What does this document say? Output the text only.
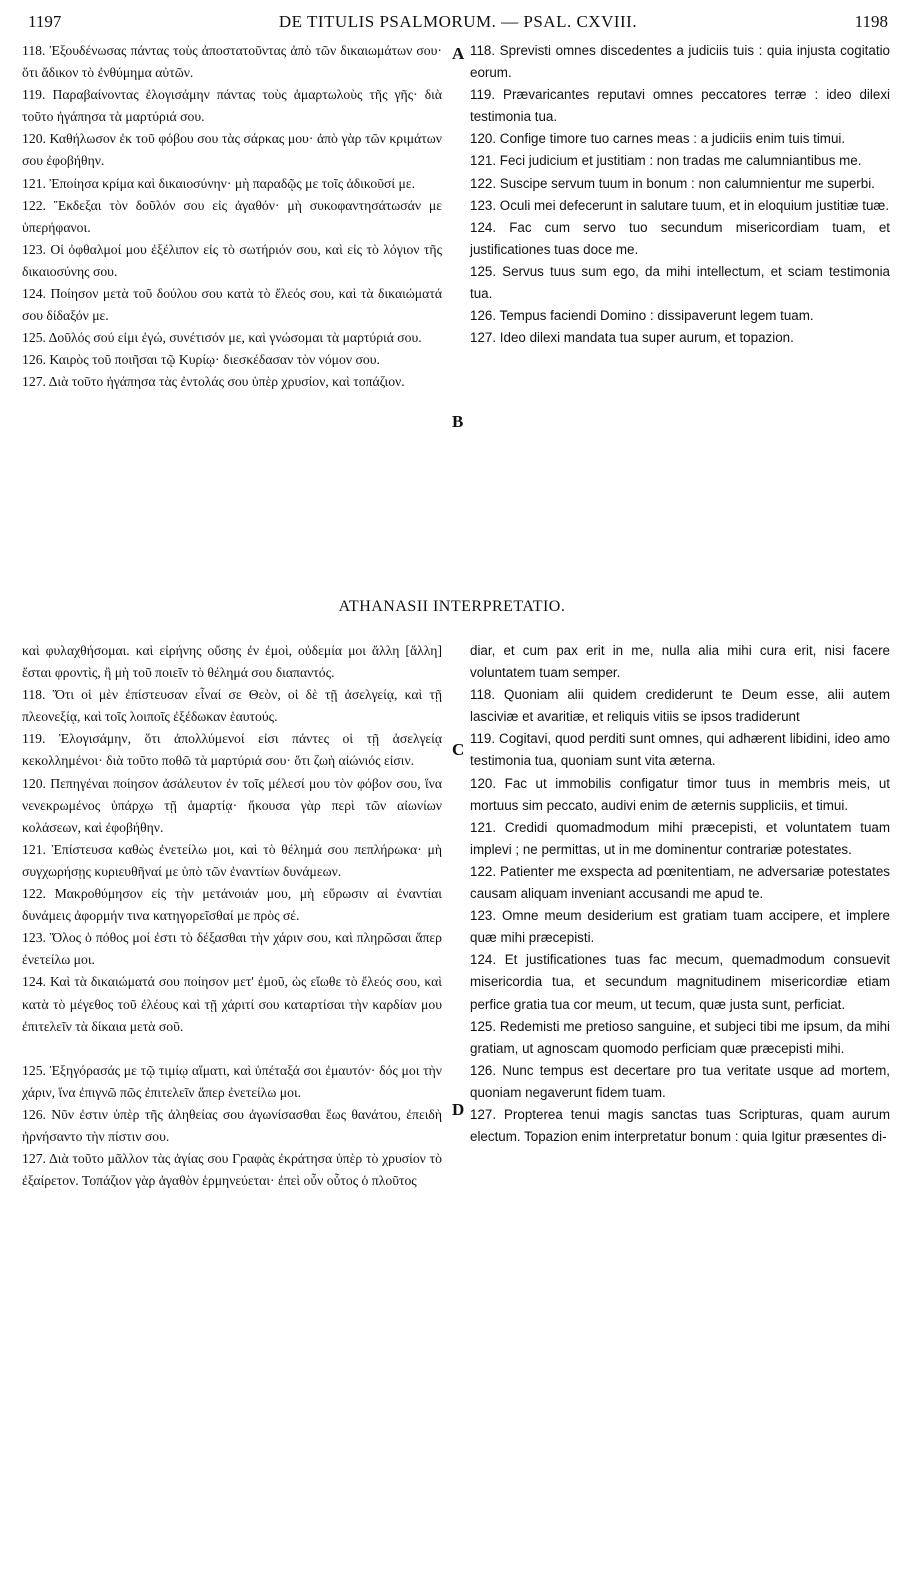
1197	DE TITULIS PSALMORUM. — PSAL. CXVIII.	1198

118. Ἐξουδένωσας πάντας τοὺς ἀποστατοῦντας ἀπὸ τῶν δικαιωμάτων σου· ὅτι ἄδικον τὸ ἐνθύμημα αὐτῶν.

119. Παραβαίνοντας ἐλογισάμην πάντας τοὺς ἁμαρτωλοὺς τῆς γῆς· διὰ τοῦτο ἠγάπησα τὰ μαρτύριά σου.

120. Καθήλωσον ἐκ τοῦ φόβου σου τὰς σάρκας μου· ἀπὸ γὰρ τῶν κριμάτων σου ἐφοβήθην.

121. Ἐποίησα κρίμα καὶ δικαιοσύνην· μὴ παραδῷς με τοῖς ἀδικοῦσί με.

122. Ἔκδεξαι τὸν δοῦλόν σου εἰς ἀγαθόν· μὴ συκοφαντησάτωσάν με ὑπερήφανοι.

123. Οἱ ὀφθαλμοί μου ἐξέλιπον εἰς τὸ σωτήριόν σου, καὶ εἰς τὸ λόγιον τῆς δικαιοσύνης σου.

124. Ποίησον μετὰ τοῦ δούλου σου κατὰ τὸ ἔλεός σου, καὶ τὰ δικαιώματά σου δίδαξόν με.

125. Δοῦλός σού εἰμι ἐγώ, συνέτισόν με, καὶ γνώσομαι τὰ μαρτύριά σου.

126. Καιρὸς τοῦ ποιῆσαι τῷ Κυρίῳ· διεσκέδασαν τὸν νόμον σου.

127. Διὰ τοῦτο ἠγάπησα τὰς ἐντολάς σου ὑπὲρ χρυσίον, καὶ τοπάζιον.

118. Sprevisti omnes discedentes a judiciis tuis : quia injusta cogitatio eorum.

119. Prævaricantes reputavi omnes peccatores terræ : ideo dilexi testimonia tua.

120. Confige timore tuo carnes meas : a judiciis enim tuis timui.

121. Feci judicium et justitiam : non tradas me calumniantibus me.

122. Suscipe servum tuum in bonum : non calumnientur me superbi.

123. Oculi mei defecerunt in salutare tuum, et in eloquium justitiæ tuæ.

124. Fac cum servo tuo secundum misericordiam tuam, et justificationes tuas doce me.

125. Servus tuus sum ego, da mihi intellectum, et sciam testimonia tua.

126. Tempus faciendi Domino : dissipaverunt legem tuam.

127. Ideo dilexi mandata tua super aurum, et topazion.

A
B
C
D
ATHANASII INTERPRETATIO.

καὶ φυλαχθήσομαι. καὶ εἰρήνης οὔσης ἐν ἐμοὶ, οὐδεμία μοι ἄλλη [ἄλλη] ἔσται φροντὶς, ἢ μὴ τοῦ ποιεῖν τὸ θέλημά σου διαπαντός.

118. Ὅτι οἱ μὲν ἐπίστευσαν εἶναί σε Θεὸν, οἱ δὲ τῇ ἀσελγείᾳ, καὶ τῇ πλεονεξίᾳ, καὶ τοῖς λοιποῖς ἐξέδωκαν ἑαυτούς.

119. Ἐλογισάμην, ὅτι ἀπολλύμενοί εἰσι πάντες οἱ τῇ ἀσελγείᾳ κεκολλημένοι· διὰ τοῦτο ποθῶ τὰ μαρτύριά σου· ὅτι ζωὴ αἰώνιός εἰσιν.

120. Πεπηγέναι ποίησον ἀσάλευτον ἐν τοῖς μέλεσί μου τὸν φόβον σου, ἵνα νενεκρωμένος ὑπάρχω τῇ ἁμαρτίᾳ· ἤκουσα γὰρ περὶ τῶν αἰωνίων κολάσεων, καὶ ἐφοβήθην.

121. Ἐπίστευσα καθὼς ἐνετείλω μοι, καὶ τὸ θέλημά σου πεπλήρωκα· μὴ συγχωρήσῃς κυριευθῆναί με ὑπὸ τῶν ἐναντίων δυνάμεων.

122. Μακροθύμησον εἰς τὴν μετάνοιάν μου, μὴ εὕρωσιν αἱ ἐναντίαι δυνάμεις ἀφορμήν τινα κατηγορεῖσθαί με πρὸς σέ.

123. Ὅλος ὁ πόθος μοί ἐστι τὸ δέξασθαι τὴν χάριν σου, καὶ πληρῶσαι ἅπερ ἐνετείλω μοι.

124. Καὶ τὰ δικαιώματά σου ποίησον μετ' ἐμοῦ, ὡς εἴωθε τὸ ἔλεός σου, καὶ κατὰ τὸ μέγεθος τοῦ ἐλέους καὶ τῇ χάριτί σου καταρτίσαι τὴν καρδίαν μου ἐπιτελεῖν τὰ δίκαια μετὰ σοῦ.

125. Ἐξηγόρασάς με τῷ τιμίῳ αἵματι, καὶ ὑπέταξά σοι ἐμαυτόν· δός μοι τὴν χάριν, ἵνα ἐπιγνῶ πῶς ἐπιτελεῖν ἅπερ ἐνετείλω μοι.

126. Νῦν ἐστιν ὑπὲρ τῆς ἀληθείας σου ἀγωνίσασθαι ἕως θανάτου, ἐπειδὴ ἠρνήσαντο τὴν πίστιν σου.

127. Διὰ τοῦτο μᾶλλον τὰς ἁγίας σου Γραφὰς ἐκράτησα ὑπὲρ τὸ χρυσίον τὸ ἐξαίρετον. Τοπάζιον γὰρ ἀγαθὸν ἑρμηνεύεται· ἐπεὶ οὖν οὗτος ὁ πλοῦτος

diar, et cum pax erit in me, nulla alia mihi cura erit, nisi facere voluntatem tuam semper.

118. Quoniam alii quidem crediderunt te Deum esse, alii autem lasciviæ et avaritiæ, et reliquis vitiis se ipsos tradiderunt

119. Cogitavi, quod perditi sunt omnes, qui adhærent libidini, ideo amo testimonia tua, quoniam sunt vita æterna.

120. Fac ut immobilis configatur timor tuus in membris meis, ut mortuus sim peccato, audivi enim de æternis suppliciis, et timui.

121. Credidi quomadmodum mihi præcepisti, et voluntatem tuam implevi ; ne permittas, ut in me dominentur contrariæ potestates.

122. Patienter me exspecta ad pœnitentiam, ne adversariæ potestates causam aliquam inveniant accusandi me apud te.

123. Omne meum desiderium est gratiam tuam accipere, et implere quæ mihi præcepisti.

124. Et justificationes tuas fac mecum, quemadmodum consuevit misericordia tua, et secundum magnitudinem misericordiæ etiam perfice gratia tua cor meum, ut tecum, quæ justa sunt, perficiat.

125. Redemisti me pretioso sanguine, et subjeci tibi me ipsum, da mihi gratiam, ut agnoscam quomodo perficiam quæ præcepisti mihi.

126. Nunc tempus est decertare pro tua veritate usque ad mortem, quoniam negaverunt fidem tuam.

127. Propterea tenui magis sanctas tuas Scripturas, quam aurum electum. Topazion enim interpretatur bonum : quia Igitur præsentes di-
